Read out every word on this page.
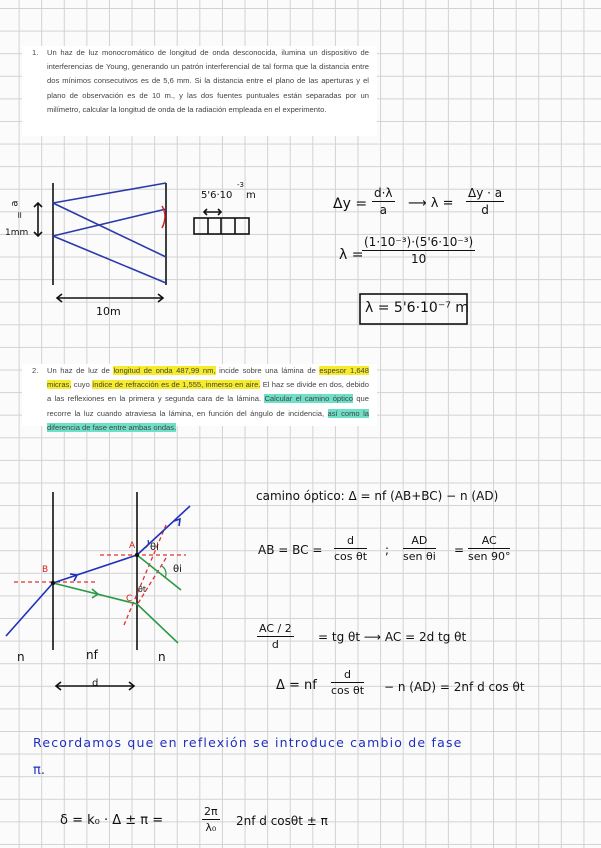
1. Un haz de luz monocromático de longitud de onda desconocida, ilumina un dispositivo de interferencias de Young, generando un patrón interferencial de tal forma que la distancia entre dos mínimos consecutivos es de 5,6 mm. Si la distancia entre el plano de las aperturas y el plano de observación es de 10 m., y las dos fuentes puntuales están separadas por un milímetro, calcular la longitud de onda de la radiación empleada en el experimento.

a
=
1mm
5'6·10
-3
m
10m
$\Delta y = \frac{d\cdot\lambda}{a}$ ⟶ $\lambda = \frac{\Delta y \cdot a}{d}$
λ =
$\frac{\text{(1·10⁻³)·(5'6·10⁻³)}}{10}$
λ = 5'6·10⁻⁷ m
2. Un haz de luz de longitud de onda 487,99 nm, incide sobre una lámina de espesor 1,648 micras, cuyo índice de refracción es de 1,555, inmerso en aire. El haz se divide en dos, debido a las reflexiones en la primera y segunda cara de la lámina. Calcular el camino óptico que recorre la luz cuando atraviesa la lámina, en función del ángulo de incidencia, así como la diferencia de fase entre ambas ondas.

A
B
C
θi
θi
θt
n	nf	n
d
camino óptico: Δ = nf (AB+BC) − n (AD)
AB = BC = $\frac{d}{\text{cos θt}}$ ;
AD
sen θi =
AC
sen 90°
$\frac{AC / 2}{d}$ = tg θt ⟶ AC = 2d tg θt
Δ = nf $\frac{d}{\text{cos θt}} - n$ (AD) = 2nf d cos θt
Recordamos que en reflexión se introduce cambio de fase
π.
δ = k₀ · Δ ± π =	$\frac{2\pi}{\text{λ₀}} 2nf$ d cosθt ± π
